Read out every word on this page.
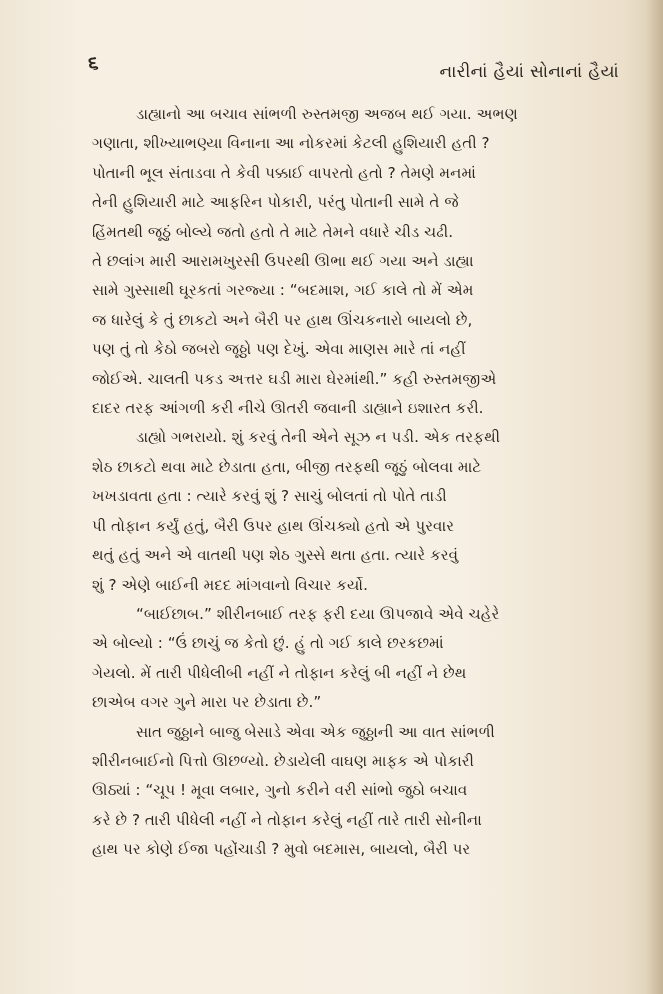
૬	નારીનાં હૈયાં સોનાનાં હૈયાં

ડાહ્યાનો આ બચાવ સાંભળી રુસ્તમજી અજબ થઈ ગયા. અભણ
ગણાતા, શીખ્યાભણ્યા વિનાના આ નોકરમાં કેટલી હુશિયારી હતી ?
પોતાની ભૂલ સંતાડવા તે કેવી પક્કાઈ વાપરતો હતો ? તેમણે મનમાં
તેની હુશિયારી માટે આફરિન પોકારી, પરંતુ પોતાની સામે તે જે
હિંમતથી જૂઠું બોલ્યે જતો હતો તે માટે તેમને વધારે ચીડ ચઢી.
તે છલાંગ મારી આરામખુરસી ઉપરથી ઊભા થઈ ગયા અને ડાહ્યા
સામે ગુસ્સાથી ઘૂરકતાં ગરજ્યા : “બદમાશ, ગઈ કાલે તો મેં એમ
જ ધારેલું કે તું છાકટો અને બૈરી પર હાથ ઊંચકનારો બાયલો છે,
પણ તું તો કેઠો જબરો જૂઠ્ઠો પણ દેખું. એવા માણસ મારે તાં નહીં
જોઈએ. ચાલતી પકડ અત્તર ઘડી મારા ઘેરમાંથી.” કહી રુસ્તમજીએ
દાદર તરફ આંગળી કરી નીચે ઊતરી જવાની ડાહ્યાને ઇશારત કરી.

ડાહ્યો ગભરાયો. શું કરવું તેની એને સૂઝ ન પડી. એક તરફથી
શેઠ છાકટો થવા માટે છેડાતા હતા, બીજી તરફથી જૂઠું બોલવા માટે
ખખડાવતા હતા : ત્યારે કરવું શું ? સાચું બોલતાં તો પોતે તાડી
પી તોફાન કર્યું હતું, બૈરી ઉપર હાથ ઊંચક્યો હતો એ પુરવાર
થતું હતું અને એ વાતથી પણ શેઠ ગુસ્સે થતા હતા. ત્યારે કરવું
શું ? એણે બાઈની મદદ માંગવાનો વિચાર કર્યો.

“બાઈછાબ.” શીરીનબાઈ તરફ ફરી દયા ઊપજાવે એવે ચહેરે
એ બોલ્યો : “ઉં છાચું જ કેતો છું. હું તો ગઈ કાલે છરકછમાં
ગેયલો. મેં તારી પીધેલીબી નહીં ને તોફાન કરેલું બી નહીં ને છેથ
છાએબ વગર ગુને મારા પર છેડાતા છે.”

સાત જુઠ્ઠાને બાજુ બેસાડે એવા એક જુઠ્ઠાની આ વાત સાંભળી
શીરીનબાઈનો પિત્તો ઊછળ્યો. છેડાયેલી વાઘણ માફક એ પોકારી
ઊઠ્યાં : “ચૂપ ! મૂવા લબાર, ગુનો કરીને વરી સાંભો જુઠો બચાવ
કરે છે ? તારી પીધેલી નહીં ને તોફાન કરેલું નહીં તારે તારી સોનીના
હાથ પર કોણે ઈજા પહોંચાડી ? મુવો બદમાસ, બાયલો, બૈરી પર
